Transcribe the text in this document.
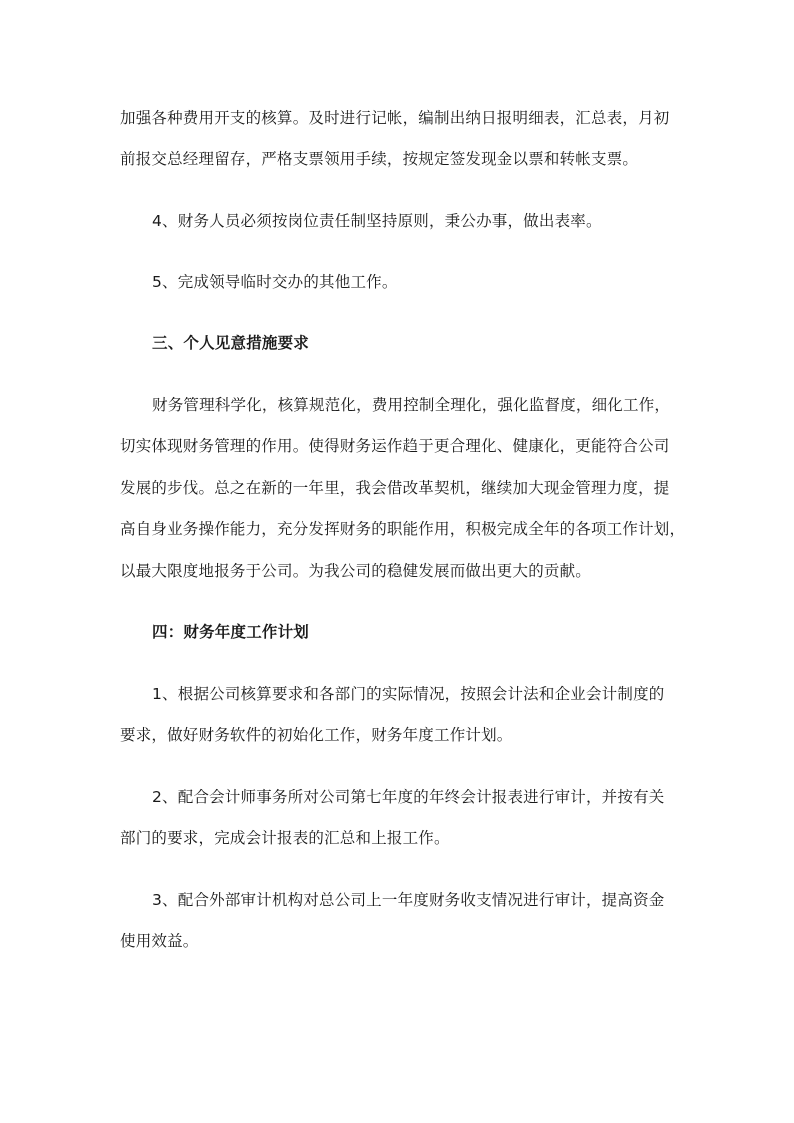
加强各种费用开支的核算。及时进行记帐，编制出纳日报明细表，汇总表，月初
前报交总经理留存，严格支票领用手续，按规定签发现金以票和转帐支票。
4、财务人员必须按岗位责任制坚持原则，秉公办事，做出表率。
5、完成领导临时交办的其他工作。
三、个人见意措施要求
财务管理科学化，核算规范化，费用控制全理化，强化监督度，细化工作，
切实体现财务管理的作用。使得财务运作趋于更合理化、健康化，更能符合公司
发展的步伐。总之在新的一年里，我会借改革契机，继续加大现金管理力度，提
高自身业务操作能力，充分发挥财务的职能作用，积极完成全年的各项工作计划，
以最大限度地报务于公司。为我公司的稳健发展而做出更大的贡献。
四：财务年度工作计划
1、根据公司核算要求和各部门的实际情况，按照会计法和企业会计制度的
要求，做好财务软件的初始化工作，财务年度工作计划。
2、配合会计师事务所对公司第七年度的年终会计报表进行审计，并按有关
部门的要求，完成会计报表的汇总和上报工作。
3、配合外部审计机构对总公司上一年度财务收支情况进行审计，提高资金
使用效益。
